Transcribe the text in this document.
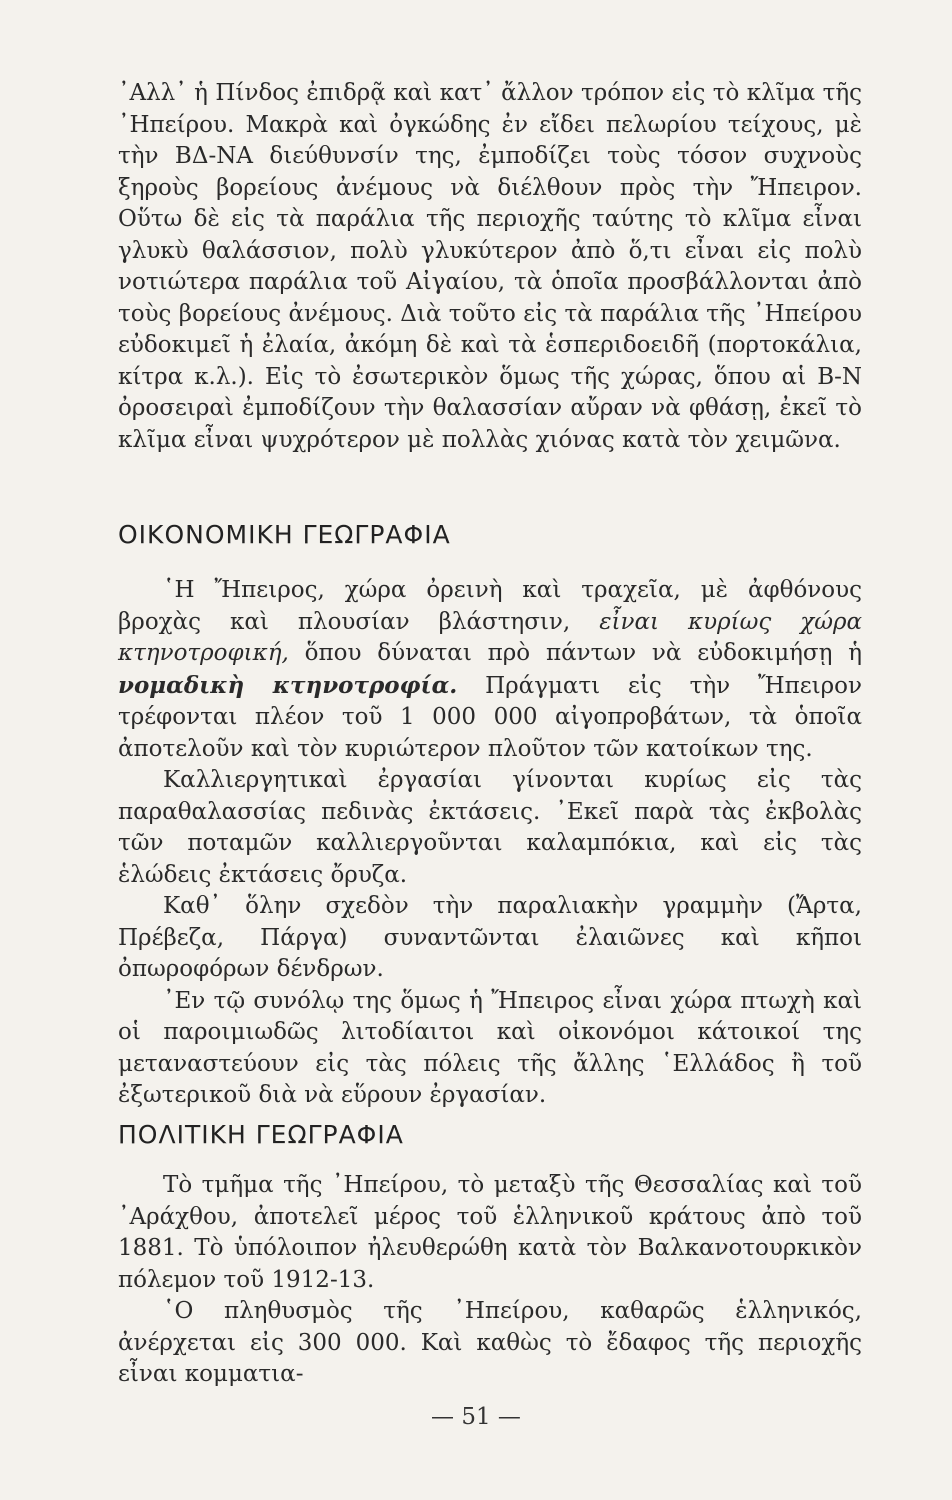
᾿Αλλ᾿ ἡ Πίνδος ἐπιδρᾷ καὶ κατ᾿ ἄλλον τρόπον εἰς τὸ κλῖμα τῆς ᾿Ηπείρου. Μακρὰ καὶ ὀγκώδης ἐν εἴδει πελωρίου τείχους, μὲ τὴν ΒΔ-ΝΑ διεύθυνσίν της, ἐμποδίζει τοὺς τόσον συχνοὺς ξηροὺς βορείους ἀνέμους νὰ διέλθουν πρὸς τὴν Ἤπειρον. Οὕτω δὲ εἰς τὰ παράλια τῆς περιοχῆς ταύτης τὸ κλῖμα εἶναι γλυκὺ θαλάσσιον, πολὺ γλυκύτερον ἀπὸ ὅ,τι εἶναι εἰς πολὺ νοτιώτερα παράλια τοῦ Αἰγαίου, τὰ ὁποῖα προσβάλλονται ἀπὸ τοὺς βορείους ἀνέμους. Διὰ τοῦτο εἰς τὰ παράλια τῆς ᾿Ηπείρου εὐδοκιμεῖ ἡ ἐλαία, ἀκόμη δὲ καὶ τὰ ἑσπεριδοειδῆ (πορτοκάλια, κίτρα κ.λ.). Εἰς τὸ ἐσωτερικὸν ὅμως τῆς χώρας, ὅπου αἱ Β-Ν ὀροσειραὶ ἐμποδίζουν τὴν θαλασσίαν αὔραν νὰ φθάσῃ, ἐκεῖ τὸ κλῖμα εἶναι ψυχρότερον μὲ πολλὰς χιόνας κατὰ τὸν χειμῶνα.

ΟΙΚΟΝΟΜΙΚΗ ΓΕΩΓΡΑΦΙΑ

῾Η Ἤπειρος, χώρα ὀρεινὴ καὶ τραχεῖα, μὲ ἀφθόνους βροχὰς καὶ πλουσίαν βλάστησιν, εἶναι κυρίως χώρα κτηνοτροφική, ὅπου δύναται πρὸ πάντων νὰ εὐδοκιμήσῃ ἡ νομαδικὴ κτηνοτροφία. Πράγματι εἰς τὴν Ἤπειρον τρέφονται πλέον τοῦ 1 000 000 αἰγοπροβάτων, τὰ ὁποῖα ἀποτελοῦν καὶ τὸν κυριώτερον πλοῦτον τῶν κατοίκων της.

Καλλιεργητικαὶ ἐργασίαι γίνονται κυρίως εἰς τὰς παραθαλασσίας πεδινὰς ἐκτάσεις. ᾿Εκεῖ παρὰ τὰς ἐκβολὰς τῶν ποταμῶν καλλιεργοῦνται καλαμπόκια, καὶ εἰς τὰς ἑλώδεις ἐκτάσεις ὄρυζα.

Καθ᾿ ὅλην σχεδὸν τὴν παραλιακὴν γραμμὴν (Ἄρτα, Πρέβεζα, Πάργα) συναντῶνται ἐλαιῶνες καὶ κῆποι ὀπωροφόρων δένδρων.

᾿Εν τῷ συνόλῳ της ὅμως ἡ Ἤπειρος εἶναι χώρα πτωχὴ καὶ οἱ παροιμιωδῶς λιτοδίαιτοι καὶ οἰκονόμοι κάτοικοί της μεταναστεύουν εἰς τὰς πόλεις τῆς ἄλλης ῾Ελλάδος ἢ τοῦ ἐξωτερικοῦ διὰ νὰ εὕρουν ἐργασίαν.

ΠΟΛΙΤΙΚΗ ΓΕΩΓΡΑΦΙΑ

Τὸ τμῆμα τῆς ᾿Ηπείρου, τὸ μεταξὺ τῆς Θεσσαλίας καὶ τοῦ ᾿Αράχθου, ἀποτελεῖ μέρος τοῦ ἑλληνικοῦ κράτους ἀπὸ τοῦ 1881. Τὸ ὑπόλοιπον ἠλευθερώθη κατὰ τὸν Βαλκανοτουρκικὸν πόλεμον τοῦ 1912-13.

῾Ο πληθυσμὸς τῆς ᾿Ηπείρου, καθαρῶς ἑλληνικός, ἀνέρχεται εἰς 300 000. Καὶ καθὼς τὸ ἔδαφος τῆς περιοχῆς εἶναι κομματια-

— 51 —
